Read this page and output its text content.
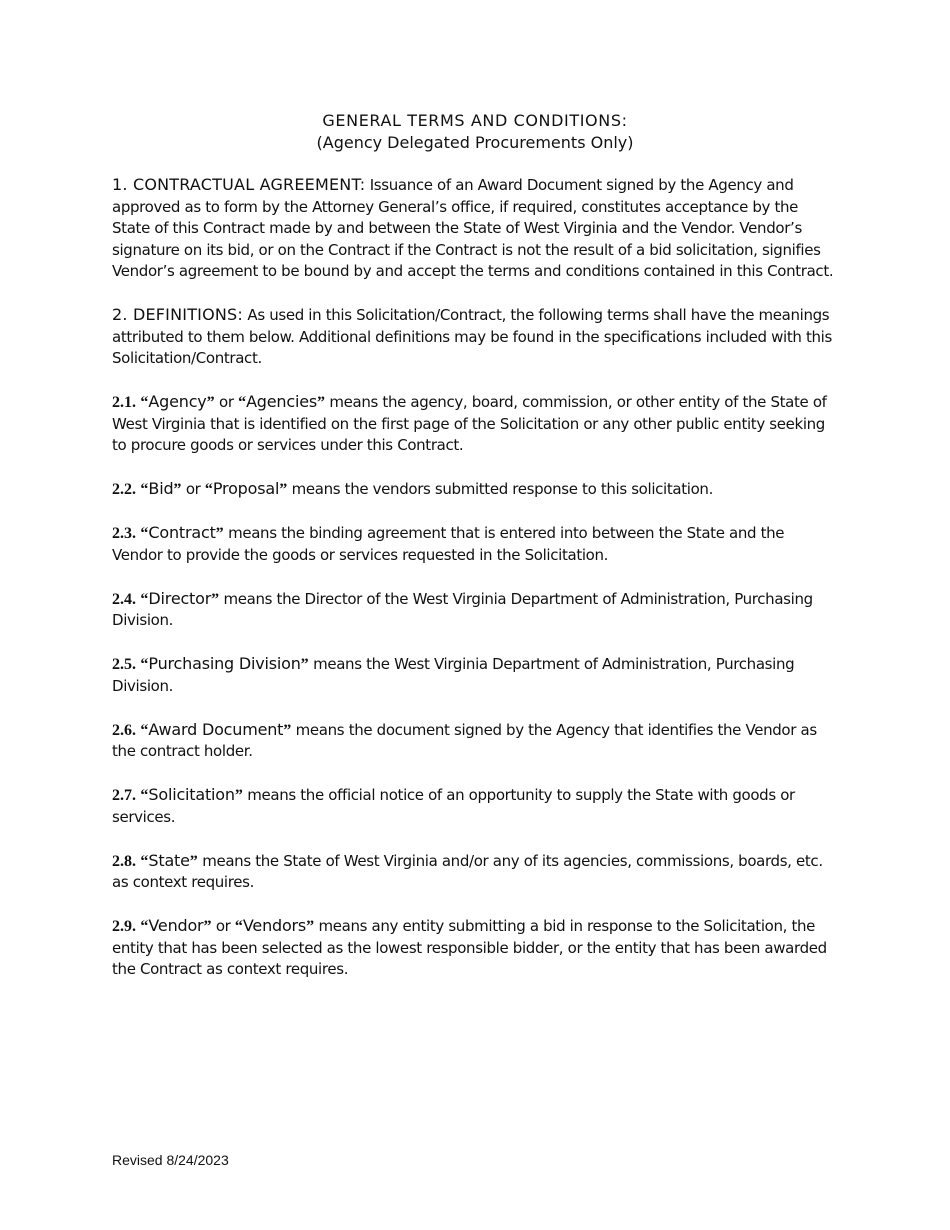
GENERAL TERMS AND CONDITIONS:
(Agency Delegated Procurements Only)

1. CONTRACTUAL AGREEMENT: Issuance of an Award Document signed by the Agency and approved as to form by the Attorney General’s office, if required, constitutes acceptance by the State of this Contract made by and between the State of West Virginia and the Vendor. Vendor’s signature on its bid, or on the Contract if the Contract is not the result of a bid solicitation, signifies Vendor’s agreement to be bound by and accept the terms and conditions contained in this Contract.

2. DEFINITIONS: As used in this Solicitation/Contract, the following terms shall have the meanings attributed to them below. Additional definitions may be found in the specifications included with this Solicitation/Contract.

2.1. “Agency” or “Agencies” means the agency, board, commission, or other entity of the State of West Virginia that is identified on the first page of the Solicitation or any other public entity seeking to procure goods or services under this Contract.

2.2. “Bid” or “Proposal” means the vendors submitted response to this solicitation.

2.3. “Contract” means the binding agreement that is entered into between the State and the Vendor to provide the goods or services requested in the Solicitation.

2.4. “Director” means the Director of the West Virginia Department of Administration, Purchasing Division.

2.5. “Purchasing Division” means the West Virginia Department of Administration, Purchasing Division.

2.6. “Award Document” means the document signed by the Agency that identifies the Vendor as the contract holder.

2.7. “Solicitation” means the official notice of an opportunity to supply the State with goods or services.

2.8. “State” means the State of West Virginia and/or any of its agencies, commissions, boards, etc. as context requires.

2.9. “Vendor” or “Vendors” means any entity submitting a bid in response to the Solicitation, the entity that has been selected as the lowest responsible bidder, or the entity that has been awarded the Contract as context requires.

Revised 8/24/2023
